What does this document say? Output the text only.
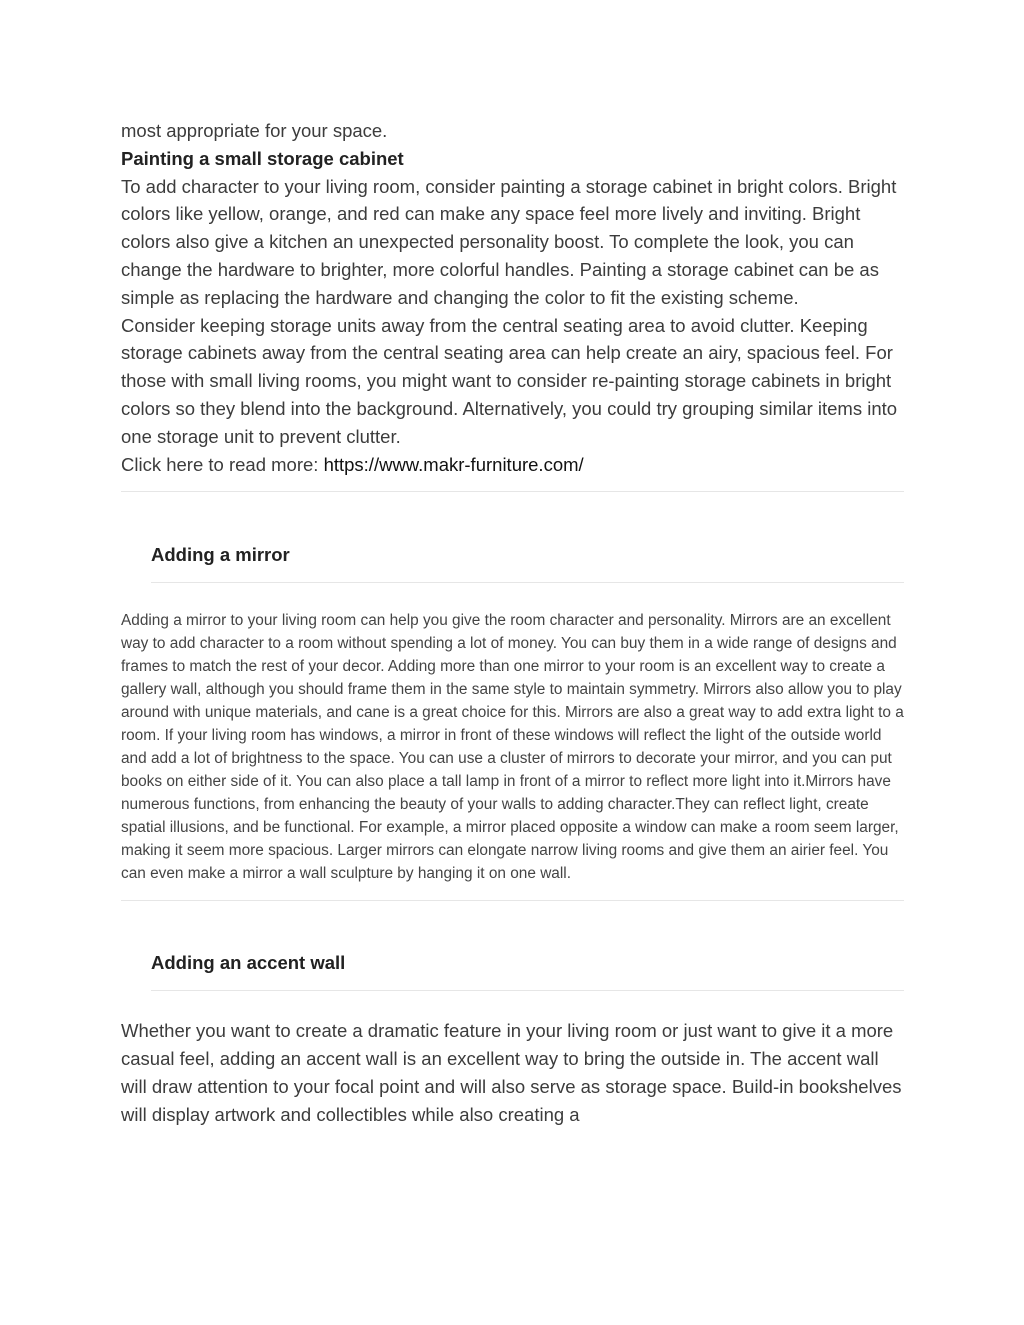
most appropriate for your space.

Painting a small storage cabinet

To add character to your living room, consider painting a storage cabinet in bright colors. Bright colors like yellow, orange, and red can make any space feel more lively and inviting. Bright colors also give a kitchen an unexpected personality boost. To complete the look, you can change the hardware to brighter, more colorful handles. Painting a storage cabinet can be as simple as replacing the hardware and changing the color to fit the existing scheme.

Consider keeping storage units away from the central seating area to avoid clutter. Keeping storage cabinets away from the central seating area can help create an airy, spacious feel. For those with small living rooms, you might want to consider re-painting storage cabinets in bright colors so they blend into the background. Alternatively, you could try grouping similar items into one storage unit to prevent clutter.

Click here to read more: https://www.makr-furniture.com/

Adding a mirror

Adding a mirror to your living room can help you give the room character and personality. Mirrors are an excellent way to add character to a room without spending a lot of money. You can buy them in a wide range of designs and frames to match the rest of your decor. Adding more than one mirror to your room is an excellent way to create a gallery wall, although you should frame them in the same style to maintain symmetry. Mirrors also allow you to play around with unique materials, and cane is a great choice for this. Mirrors are also a great way to add extra light to a room. If your living room has windows, a mirror in front of these windows will reflect the light of the outside world and add a lot of brightness to the space. You can use a cluster of mirrors to decorate your mirror, and you can put books on either side of it. You can also place a tall lamp in front of a mirror to reflect more light into it.Mirrors have numerous functions, from enhancing the beauty of your walls to adding character.They can reflect light, create spatial illusions, and be functional. For example, a mirror placed opposite a window can make a room seem larger, making it seem more spacious. Larger mirrors can elongate narrow living rooms and give them an airier feel. You can even make a mirror a wall sculpture by hanging it on one wall.

Adding an accent wall

Whether you want to create a dramatic feature in your living room or just want to give it a more casual feel, adding an accent wall is an excellent way to bring the outside in. The accent wall will draw attention to your focal point and will also serve as storage space. Build-in bookshelves will display artwork and collectibles while also creating a
